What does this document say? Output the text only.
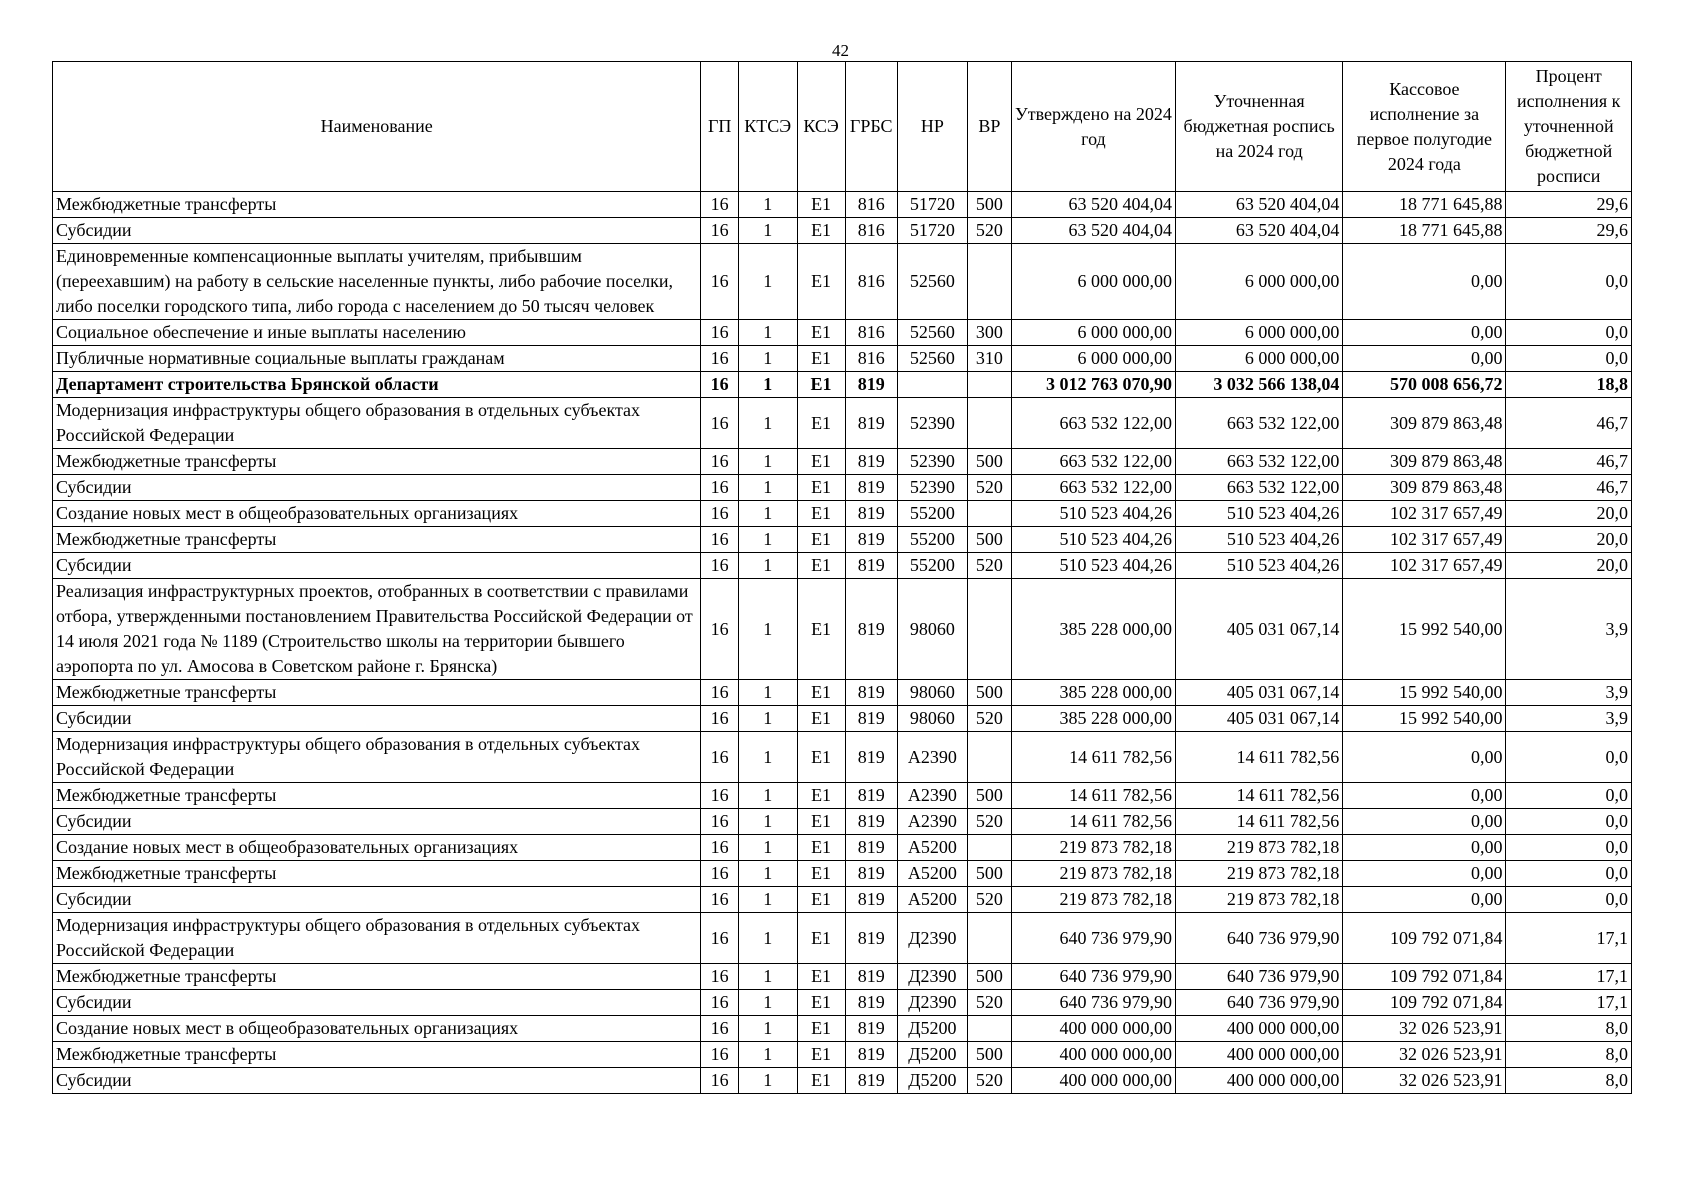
42
Наименование	ГП	КТСЭ	КСЭ	ГРБС	НР	ВР	Утверждено на 2024 год	Уточненная бюджетная роспись на 2024 год	Кассовое исполнение за первое полугодие 2024 года	Процент исполнения к уточненной бюджетной росписи
Межбюджетные трансферты	16	1	Е1	816	51720	500	63 520 404,04	63 520 404,04	18 771 645,88	29,6
Субсидии	16	1	Е1	816	51720	520	63 520 404,04	63 520 404,04	18 771 645,88	29,6
Единовременные компенсационные выплаты учителям, прибывшим (переехавшим) на работу в сельские населенные пункты, либо рабочие поселки, либо поселки городского типа, либо города с населением до 50 тысяч человек	16	1	Е1	816	52560		6 000 000,00	6 000 000,00	0,00	0,0
Социальное обеспечение и иные выплаты населению	16	1	Е1	816	52560	300	6 000 000,00	6 000 000,00	0,00	0,0
Публичные нормативные социальные выплаты гражданам	16	1	Е1	816	52560	310	6 000 000,00	6 000 000,00	0,00	0,0
Департамент строительства Брянской области	16	1	Е1	819			3 012 763 070,90	3 032 566 138,04	570 008 656,72	18,8
Модернизация инфраструктуры общего образования в отдельных субъектах Российской Федерации	16	1	Е1	819	52390		663 532 122,00	663 532 122,00	309 879 863,48	46,7
Межбюджетные трансферты	16	1	Е1	819	52390	500	663 532 122,00	663 532 122,00	309 879 863,48	46,7
Субсидии	16	1	Е1	819	52390	520	663 532 122,00	663 532 122,00	309 879 863,48	46,7
Создание новых мест в общеобразовательных организациях	16	1	Е1	819	55200		510 523 404,26	510 523 404,26	102 317 657,49	20,0
Межбюджетные трансферты	16	1	Е1	819	55200	500	510 523 404,26	510 523 404,26	102 317 657,49	20,0
Субсидии	16	1	Е1	819	55200	520	510 523 404,26	510 523 404,26	102 317 657,49	20,0
Реализация инфраструктурных проектов, отобранных в соответствии с правилами отбора, утвержденными постановлением Правительства Российской Федерации от 14 июля 2021 года № 1189 (Строительство школы на территории бывшего аэропорта по ул. Амосова в Советском районе г. Брянска)	16	1	Е1	819	98060		385 228 000,00	405 031 067,14	15 992 540,00	3,9
Межбюджетные трансферты	16	1	Е1	819	98060	500	385 228 000,00	405 031 067,14	15 992 540,00	3,9
Субсидии	16	1	Е1	819	98060	520	385 228 000,00	405 031 067,14	15 992 540,00	3,9
Модернизация инфраструктуры общего образования в отдельных субъектах Российской Федерации	16	1	Е1	819	А2390		14 611 782,56	14 611 782,56	0,00	0,0
Межбюджетные трансферты	16	1	Е1	819	А2390	500	14 611 782,56	14 611 782,56	0,00	0,0
Субсидии	16	1	Е1	819	А2390	520	14 611 782,56	14 611 782,56	0,00	0,0
Создание новых мест в общеобразовательных организациях	16	1	Е1	819	А5200		219 873 782,18	219 873 782,18	0,00	0,0
Межбюджетные трансферты	16	1	Е1	819	А5200	500	219 873 782,18	219 873 782,18	0,00	0,0
Субсидии	16	1	Е1	819	А5200	520	219 873 782,18	219 873 782,18	0,00	0,0
Модернизация инфраструктуры общего образования в отдельных субъектах Российской Федерации	16	1	Е1	819	Д2390		640 736 979,90	640 736 979,90	109 792 071,84	17,1
Межбюджетные трансферты	16	1	Е1	819	Д2390	500	640 736 979,90	640 736 979,90	109 792 071,84	17,1
Субсидии	16	1	Е1	819	Д2390	520	640 736 979,90	640 736 979,90	109 792 071,84	17,1
Создание новых мест в общеобразовательных организациях	16	1	Е1	819	Д5200		400 000 000,00	400 000 000,00	32 026 523,91	8,0
Межбюджетные трансферты	16	1	Е1	819	Д5200	500	400 000 000,00	400 000 000,00	32 026 523,91	8,0
Субсидии	16	1	Е1	819	Д5200	520	400 000 000,00	400 000 000,00	32 026 523,91	8,0
